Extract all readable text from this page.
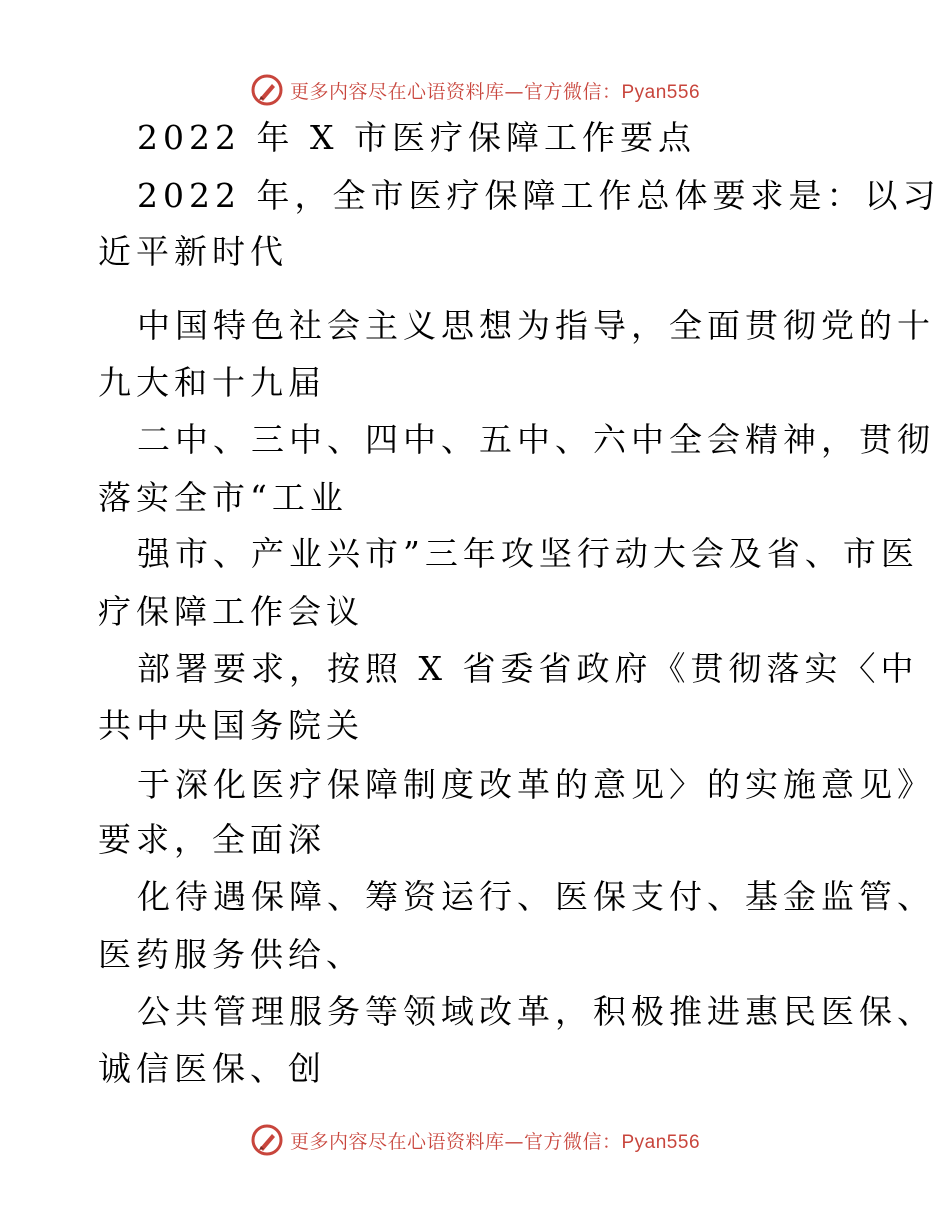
更多内容尽在心语资料库—官方微信：Pyan556
2022 年 X 市医疗保障工作要点
2022 年，全市医疗保障工作总体要求是：以习
近平新时代
中国特色社会主义思想为指导，全面贯彻党的十
九大和十九届
二中、三中、四中、五中、六中全会精神，贯彻
落实全市“工业
强市、产业兴市”三年攻坚行动大会及省、市医
疗保障工作会议
部署要求，按照 X 省委省政府《贯彻落实〈中
共中央国务院关
于深化医疗保障制度改革的意见〉的实施意见》
要求，全面深
化待遇保障、筹资运行、医保支付、基金监管、
医药服务供给、
公共管理服务等领域改革，积极推进惠民医保、
诚信医保、创
更多内容尽在心语资料库—官方微信：Pyan556
